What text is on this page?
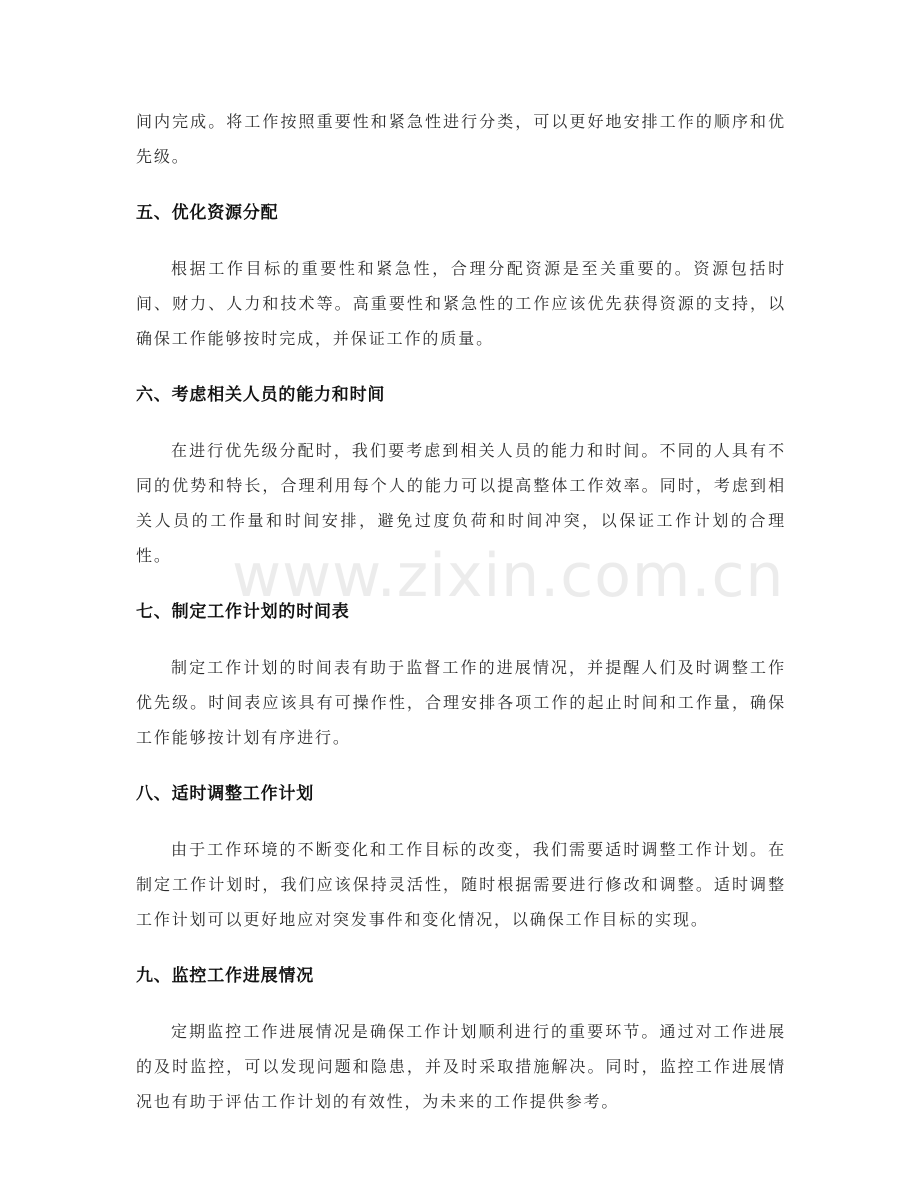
间内完成。将工作按照重要性和紧急性进行分类，可以更好地安排工作的顺序和优先级。

五、优化资源分配

根据工作目标的重要性和紧急性，合理分配资源是至关重要的。资源包括时间、财力、人力和技术等。高重要性和紧急性的工作应该优先获得资源的支持，以确保工作能够按时完成，并保证工作的质量。

六、考虑相关人员的能力和时间

在进行优先级分配时，我们要考虑到相关人员的能力和时间。不同的人具有不同的优势和特长，合理利用每个人的能力可以提高整体工作效率。同时，考虑到相关人员的工作量和时间安排，避免过度负荷和时间冲突，以保证工作计划的合理性。

七、制定工作计划的时间表

制定工作计划的时间表有助于监督工作的进展情况，并提醒人们及时调整工作优先级。时间表应该具有可操作性，合理安排各项工作的起止时间和工作量，确保工作能够按计划有序进行。

八、适时调整工作计划

由于工作环境的不断变化和工作目标的改变，我们需要适时调整工作计划。在制定工作计划时，我们应该保持灵活性，随时根据需要进行修改和调整。适时调整工作计划可以更好地应对突发事件和变化情况，以确保工作目标的实现。

九、监控工作进展情况

定期监控工作进展情况是确保工作计划顺利进行的重要环节。通过对工作进展的及时监控，可以发现问题和隐患，并及时采取措施解决。同时，监控工作进展情况也有助于评估工作计划的有效性，为未来的工作提供参考。

www.zixin.com.cn
